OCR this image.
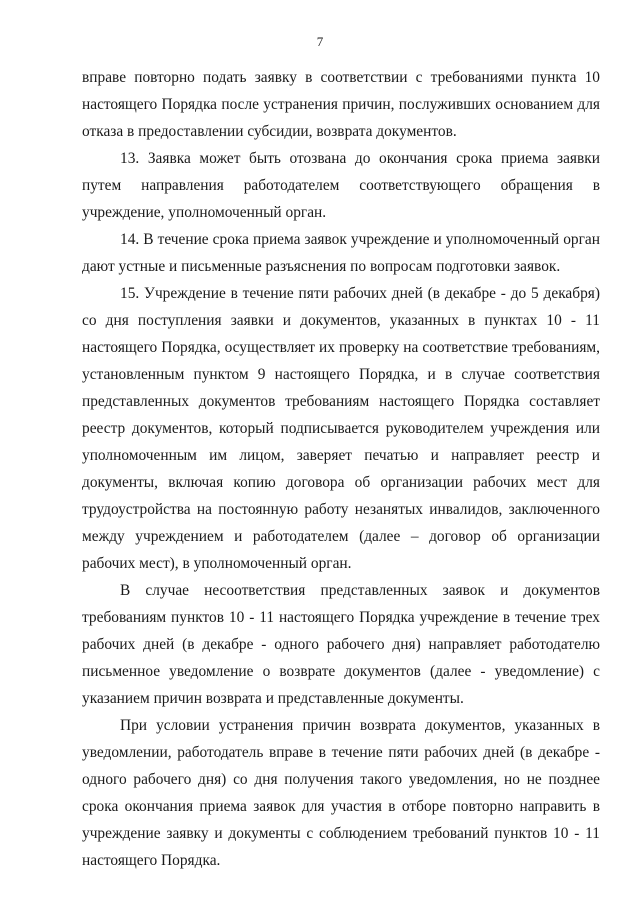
7

вправе повторно подать заявку в соответствии с требованиями пункта 10 настоящего Порядка после устранения причин, послуживших основанием для отказа в предоставлении субсидии, возврата документов.

13. Заявка может быть отозвана до окончания срока приема заявки путем направления работодателем соответствующего обращения в учреждение, уполномоченный орган.

14. В течение срока приема заявок учреждение и уполномоченный орган дают устные и письменные разъяснения по вопросам подготовки заявок.

15. Учреждение в течение пяти рабочих дней (в декабре - до 5 декабря) со дня поступления заявки и документов, указанных в пунктах 10 - 11 настоящего Порядка, осуществляет их проверку на соответствие требованиям, установленным пунктом 9 настоящего Порядка, и в случае соответствия представленных документов требованиям настоящего Порядка составляет реестр документов, который подписывается руководителем учреждения или уполномоченным им лицом, заверяет печатью и направляет реестр и документы, включая копию договора об организации рабочих мест для трудоустройства на постоянную работу незанятых инвалидов, заключенного между учреждением и работодателем (далее – договор об организации рабочих мест), в уполномоченный орган.

В случае несоответствия представленных заявок и документов требованиям пунктов 10 - 11 настоящего Порядка учреждение в течение трех рабочих дней (в декабре - одного рабочего дня) направляет работодателю письменное уведомление о возврате документов (далее - уведомление) с указанием причин возврата и представленные документы.

При условии устранения причин возврата документов, указанных в уведомлении, работодатель вправе в течение пяти рабочих дней (в декабре - одного рабочего дня) со дня получения такого уведомления, но не позднее срока окончания приема заявок для участия в отборе повторно направить в учреждение заявку и документы с соблюдением требований пунктов 10 - 11 настоящего Порядка.
